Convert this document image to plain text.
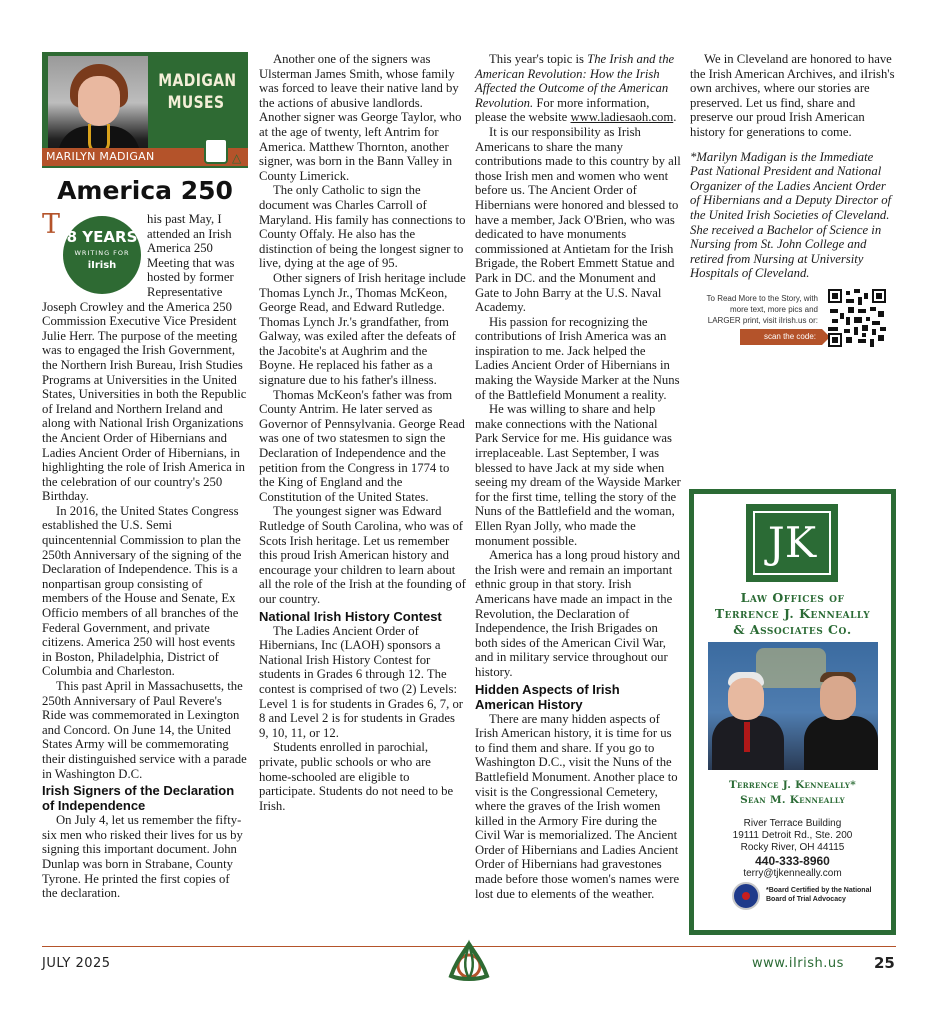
MADIGAN MUSES
MARILYN MADIGAN	△
America 250

T 8 YEARS
WRITING FOR
iIrish
his past May, I attended an Irish America 250 Meeting that was hosted by former Representative Joseph Crowley and the America 250 Commission Executive Vice President Julie Herr. The purpose of the meeting was to engaged the Irish Government, the Northern Irish Bureau, Irish Studies Programs at Universities in the United States, Universities in both the Republic of Ireland and Northern Ireland and along with National Irish Organizations the Ancient Order of Hibernians and Ladies Ancient Order of Hibernians, in highlighting the role of Irish America in the celebration of our country's 250 Birthday.

In 2016, the United States Congress established the U.S. Semi quincentennial Commission to plan the 250th Anniversary of the signing of the Declaration of Independence. This is a nonpartisan group consisting of members of the House and Senate, Ex Officio members of all branches of the Federal Government, and private citizens. America 250 will host events in Boston, Philadelphia, District of Columbia and Charleston.

This past April in Massachusetts, the 250th Anniversary of Paul Revere's Ride was commemorated in Lexington and Concord. On June 14, the United States Army will be commemorating their distinguished service with a parade in Washington D.C.

Irish Signers of the Declaration of Independence

On July 4, let us remember the fifty-six men who risked their lives for us by signing this important document. John Dunlap was born in Strabane, County Tyrone. He printed the first copies of the declaration.

Another one of the signers was Ulsterman James Smith, whose family was forced to leave their native land by the actions of abusive landlords. Another signer was George Taylor, who at the age of twenty, left Antrim for America. Matthew Thornton, another signer, was born in the Bann Valley in County Limerick.

The only Catholic to sign the document was Charles Carroll of Maryland. His family has connections to County Offaly. He also has the distinction of being the longest signer to live, dying at the age of 95.

Other signers of Irish heritage include Thomas Lynch Jr., Thomas McKeon, George Read, and Edward Rutledge. Thomas Lynch Jr.'s grandfather, from Galway, was exiled after the defeats of the Jacobite's at Aughrim and the Boyne. He replaced his father as a signature due to his father's illness.

Thomas McKeon's father was from County Antrim. He later served as Governor of Pennsylvania. George Read was one of two statesmen to sign the Declaration of Independence and the petition from the Congress in 1774 to the King of England and the Constitution of the United States.

The youngest signer was Edward Rutledge of South Carolina, who was of Scots Irish heritage. Let us remember this proud Irish American history and encourage your children to learn about all the role of the Irish at the founding of our country.

National Irish History Contest

The Ladies Ancient Order of Hibernians, Inc (LAOH) sponsors a National Irish History Contest for students in Grades 6 through 12. The contest is comprised of two (2) Levels: Level 1 is for students in Grades 6, 7, or 8 and Level 2 is for students in Grades 9, 10, 11, or 12.

Students enrolled in parochial, private, public schools or who are home-schooled are eligible to participate. Students do not need to be Irish.

This year's topic is The Irish and the American Revolution: How the Irish Affected the Outcome of the American Revolution. For more information, please the website www.ladiesaoh.com.

It is our responsibility as Irish Americans to share the many contributions made to this country by all those Irish men and women who went before us. The Ancient Order of Hibernians were honored and blessed to have a member, Jack O'Brien, who was dedicated to have monuments commissioned at Antietam for the Irish Brigade, the Robert Emmett Statue and Park in DC. and the Monument and Gate to John Barry at the U.S. Naval Academy.

His passion for recognizing the contributions of Irish America was an inspiration to me. Jack helped the Ladies Ancient Order of Hibernians in making the Wayside Marker at the Nuns of the Battlefield Monument a reality.

He was willing to share and help make connections with the National Park Service for me. His guidance was irreplaceable. Last September, I was blessed to have Jack at my side when seeing my dream of the Wayside Marker for the first time, telling the story of the Nuns of the Battlefield and the woman, Ellen Ryan Jolly, who made the monument possible.

America has a long proud history and the Irish were and remain an important ethnic group in that story. Irish Americans have made an impact in the Revolution, the Declaration of Independence, the Irish Brigades on both sides of the American Civil War, and in military service throughout our history.

Hidden Aspects of Irish American History

There are many hidden aspects of Irish American history, it is time for us to find them and share. If you go to Washington D.C., visit the Nuns of the Battlefield Monument. Another place to visit is the Congressional Cemetery, where the graves of the Irish women killed in the Armory Fire during the Civil War is memorialized. The Ancient Order of Hibernians and Ladies Ancient Order of Hibernians had gravestones made before those women's names were lost due to elements of the weather.

We in Cleveland are honored to have the Irish American Archives, and iIrish's own archives, where our stories are preserved. Let us find, share and preserve our proud Irish American history for generations to come.

*Marilyn Madigan is the Immediate Past National President and National Organizer of the Ladies Ancient Order of Hibernians and a Deputy Director of the United Irish Societies of Cleveland. She received a Bachelor of Science in Nursing from St. John College and retired from Nursing at University Hospitals of Cleveland.

To Read More to the Story, with more text, more pics and LARGER print, visit iIrish.us or:
scan the code:
JK
Law Offices of
Terrence J. Kenneally
& Associates Co.
Terrence J. Kenneally*
Sean M. Kenneally
River Terrace Building
19111 Detroit Rd., Ste. 200
Rocky River, OH 44115
440-333-8960
terry@tjkenneally.com
*Board Certified by the National Board of Trial Advocacy
JULY 2025	www.iIrish.us 25
